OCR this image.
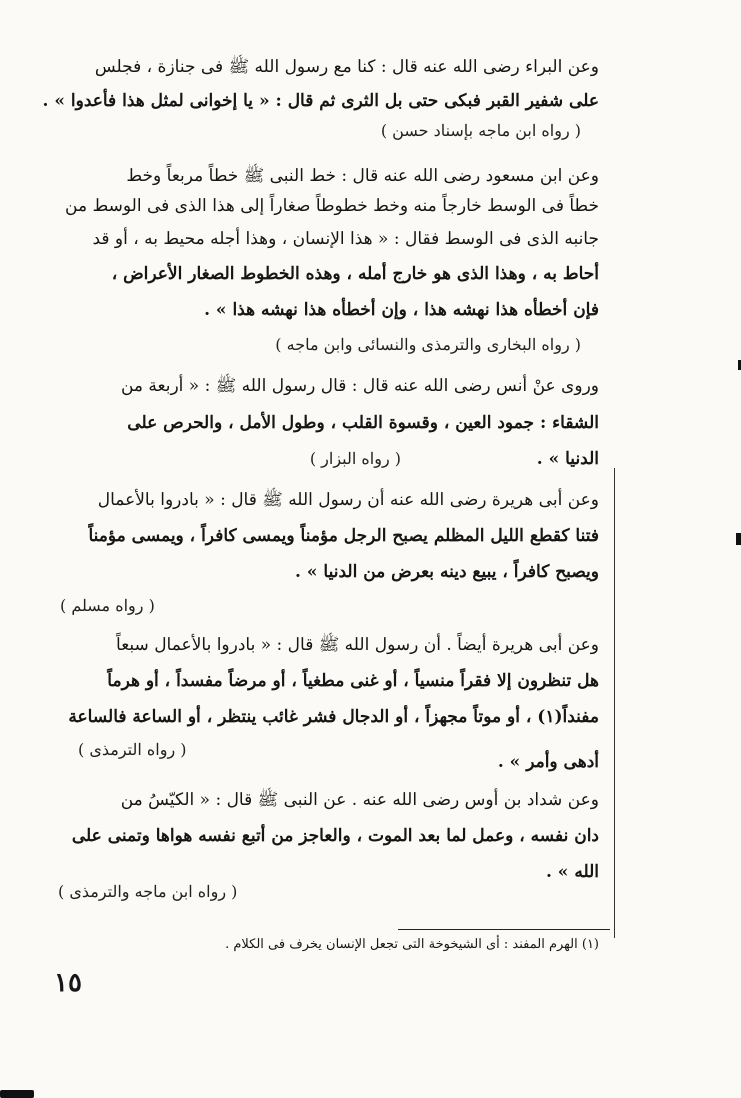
وعن البراء رضى الله عنه قال : كنا مع رسول الله ﷺ فى جنازة ، فجلس
على شفير القبر فبكى حتى بل الثرى ثم قال : « يا إخوانى لمثل هذا فأعدوا » .
( رواه ابن ماجه بإسناد حسن )
وعن ابن مسعود رضى الله عنه قال : خط النبى ﷺ خطاً مربعاً وخط
خطاً فى الوسط خارجاً منه وخط خطوطاً صغاراً إلى هذا الذى فى الوسط من
جانبه الذى فى الوسط فقال : « هذا الإنسان ، وهذا أجله محيط به ، أو قد
أحاط به ، وهذا الذى هو خارج أمله ، وهذه الخطوط الصغار الأعراض ،
فإن أخطأه هذا نهشه هذا ، وإن أخطأه هذا نهشه هذا » .
( رواه البخارى والترمذى والنسائى وابن ماجه )
وروى عنْ أنس رضى الله عنه قال : قال رسول الله ﷺ : « أربعة من
الشقاء : جمود العين ، وقسوة القلب ، وطول الأمل ، والحرص على
الدنيا » .
( رواه البزار )
وعن أبى هريرة رضى الله عنه أن رسول الله ﷺ قال : « بادروا بالأعمال
فتنا كقطع الليل المظلم يصبح الرجل مؤمناً ويمسى كافراً ، ويمسى مؤمناً
ويصبح كافراً ، يبيع دينه بعرض من الدنيا » .
( رواه مسلم )
وعن أبى هريرة أيضاً . أن رسول الله ﷺ قال : « بادروا بالأعمال سبعاً
هل تنظرون إلا فقراً منسياً ، أو غنى مطغياً ، أو مرضاً مفسداً ، أو هرماً
مفنداً(١) ، أو موتاً مجهزاً ، أو الدجال فشر غائب ينتظر ، أو الساعة فالساعة
( رواه الترمذى )
أدهى وأمر » .
وعن شداد بن أوس رضى الله عنه . عن النبى ﷺ قال : « الكيّسُ من
دان نفسه ، وعمل لما بعد الموت ، والعاجز من أتبع نفسه هواها وتمنى على
الله » .
( رواه ابن ماجه والترمذى )
(١) الهرم المفند : أى الشيخوخة التى تجعل الإنسان يخرف فى الكلام .
١٥
